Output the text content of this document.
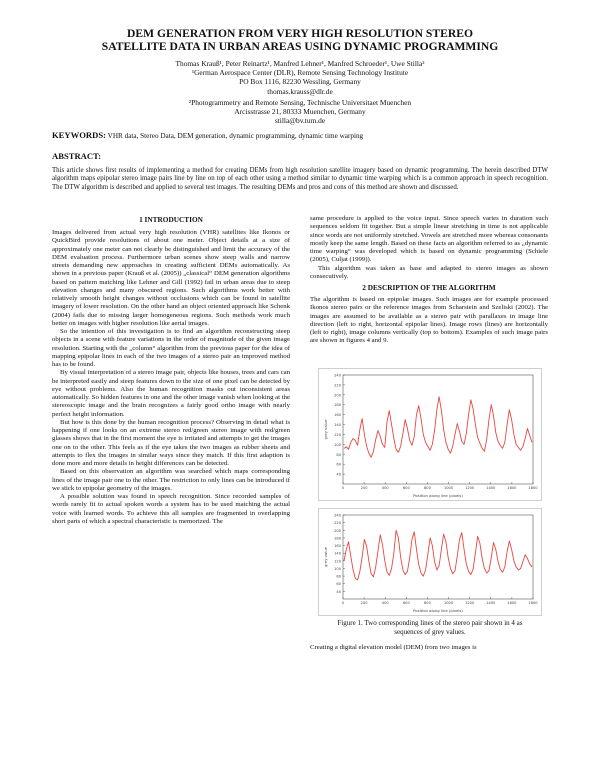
DEM GENERATION FROM VERY HIGH RESOLUTION STEREO
SATELLITE DATA IN URBAN AREAS USING DYNAMIC PROGRAMMING
Thomas Krauß¹, Peter Reinartz¹, Manfred Lehner¹, Manfred Schroeder¹, Uwe Stilla²
¹German Aerospace Center (DLR), Remote Sensing Technology Institute
PO Box 1116, 82230 Wessling, Germany
thomas.krauss@dlr.de
²Photogrammetry and Remote Sensing, Technische Universitaet Muenchen
Arcisstrasse 21, 80333 Muenchen, Germany
stilla@bv.tum.de
KEYWORDS: VHR data, Stereo Data, DEM generation, dynamic programming, dynamic time warping
ABSTRACT:
This article shows first results of implementing a method for creating DEMs from high resolution satellite imagery based on dynamic programming. The herein described DTW algorithm maps epipolar stereo image pairs line by line on top of each other using a method similar to dynamic time warping which is a common approach in speech recognition. The DTW algorithm is described and applied to several test images. The resulting DEMs and pros and cons of this method are shown and discussed.
1 INTRODUCTION

Images delivered from actual very high resolution (VHR) satellites like Ikonos or QuickBird provide resolutions of about one meter. Object details at a size of approximately one meter can not clearly be distinguished and limit the accuracy of the DEM evaluation process. Furthermore urban scenes show steep walls and narrow streets demanding new approaches in creating sufficient DEMs automatically. As shown in a previous paper (Krauß et al. (2005)) „classical“ DEM generation algorithms based on pattern matching like Lehner and Gill (1992) fail in urban areas due to steep elevation changes and many obscured regions. Such algorithms work better with relatively smooth height changes without occlusions which can be found in satellite imagery of lower resolution. On the other hand an object oriented approach like Schenk (2004) fails due to missing larger homogeneous regions. Such methods work much better on images with higher resolution like aerial images.

So the intention of this investigation is to find an algorithm reconstructing steep objects in a scene with feature variations in the order of magnitude of the given image resolution. Starting with the „column“ algorithm from the previous paper for the idea of mapping epipolar lines in each of the two images of a stereo pair an improved method has to be found.

By visual interpretation of a stereo image pair, objects like houses, trees and cars can be interpreted easily and steep features down to the size of one pixel can be detected by eye without problems. Also the human recognition masks out inconsistent areas automatically. So hidden features in one and the other image vanish when looking at the stereoscopic image and the brain recognizes a fairly good ortho image with nearly perfect height information.

But how is this done by the human recognition process? Observing in detail what is happening if one looks on an extreme stereo red/green stereo image with red/green glasses shows that in the first moment the eye is irritated and attempts to get the images one on to the other. This feels as if the eye takes the two images as rubber sheets and attempts to flex the images in similar ways since they match. If this first adaption is done more and more details in height differences can be detected.

Based on this observation an algorithm was searched which maps corresponding lines of the image pair one to the other. The restriction to only lines can be introduced if we stick to epipolar geometry of the images.

A possible solution was found in speech recognition. Since recorded samples of words rarely fit to actual spoken words a system has to be used matching the actual voice with learned words. To achieve this all samples are fragmented in overlapping short parts of which a spectral characteristic is memorized. The

same procedure is applied to the voice input. Since speech varies in duration such sequences seldom fit together. But a simple linear stretching in time is not applicable since words are not uniformly stretched. Vowels are stretched more whereas consonants mostly keep the same length. Based on these facts an algorithm referred to as „dynamic time warping“ was developed which is based on dynamic programming (Schiele (2005), Culjat (1999)).

This algorithm was taken as base and adapted to stereo images as shown consecutively.

2 DESCRIPTION OF THE ALGORITHM
The algorithm is based on epipolar images. Such images are for example processed Ikonos stereo pairs or the reference images from Scharstein and Szeliski (2002). The images are assumed to be available as a stereo pair with parallaxes in image line direction (left to right, horizontal epipolar lines). Image rows (lines) are horizontally (left to right), image columns vertically (top to bottom). Examples of such image pairs are shown in figures 4 and 9.
40
60
80
100
120
140
160
180
200
220
240
0	200	400	600	800	1000	1200	1400	1600	1800
Position along line (pixels)
grey value
40
60
80
100
120
140
160
180
200
220
240
0	200	400	600	800	1000	1200	1400	1600	1800
Position along line (pixels)
grey value
Figure 1. Two corresponding lines of the stereo pair shown in 4 as sequences of grey values.
Creating a digital elevation model (DEM) from two images is
